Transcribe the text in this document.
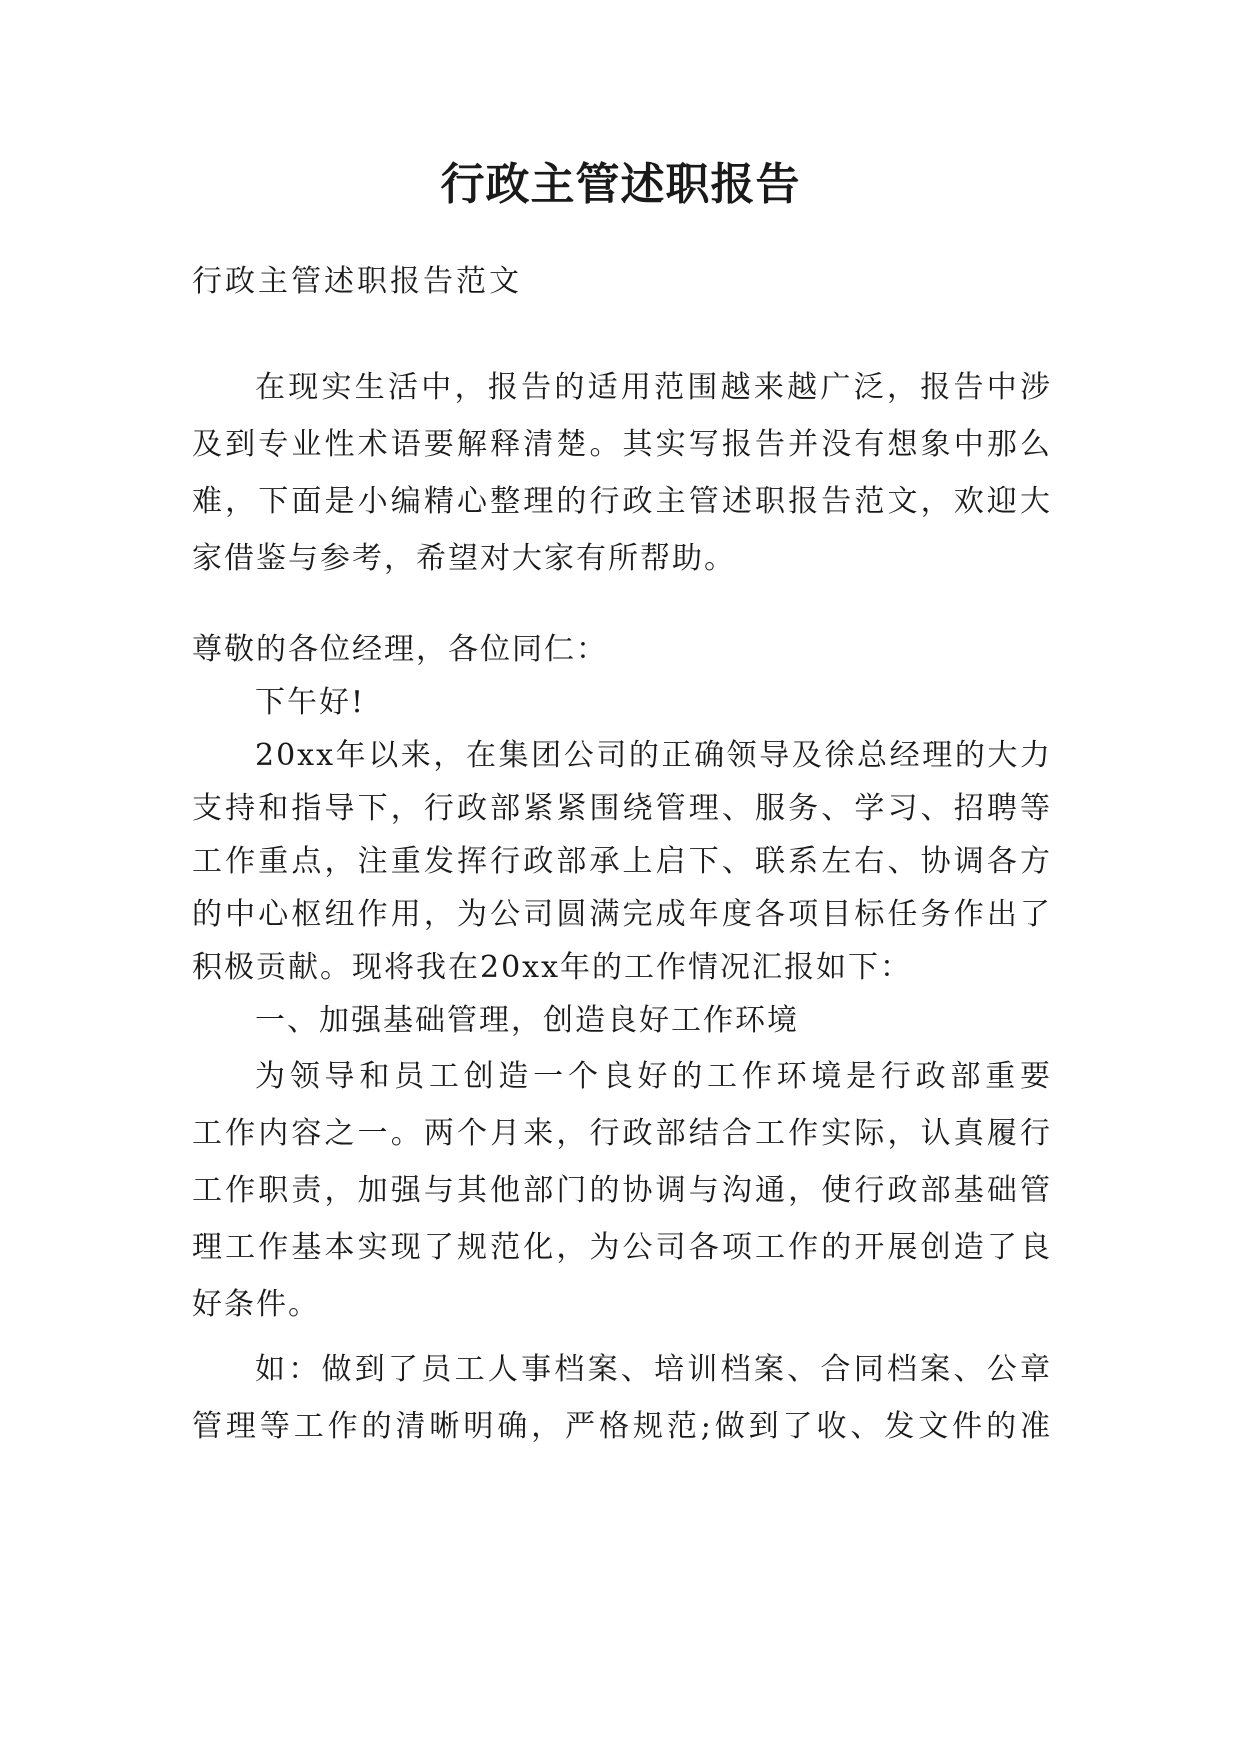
行政主管述职报告
行政主管述职报告范文
在现实生活中，报告的适用范围越来越广泛，报告中涉
及到专业性术语要解释清楚。其实写报告并没有想象中那么
难，下面是小编精心整理的行政主管述职报告范文，欢迎大
家借鉴与参考，希望对大家有所帮助。
尊敬的各位经理，各位同仁：
下午好!
20xx年以来，在集团公司的正确领导及徐总经理的大力
支持和指导下，行政部紧紧围绕管理、服务、学习、招聘等
工作重点，注重发挥行政部承上启下、联系左右、协调各方
的中心枢纽作用，为公司圆满完成年度各项目标任务作出了
积极贡献。现将我在20xx年的工作情况汇报如下：
一、加强基础管理，创造良好工作环境
为领导和员工创造一个良好的工作环境是行政部重要
工作内容之一。两个月来，行政部结合工作实际，认真履行
工作职责，加强与其他部门的协调与沟通，使行政部基础管
理工作基本实现了规范化，为公司各项工作的开展创造了良
好条件。
如：做到了员工人事档案、培训档案、合同档案、公章
管理等工作的清晰明确，严格规范;做到了收、发文件的准
